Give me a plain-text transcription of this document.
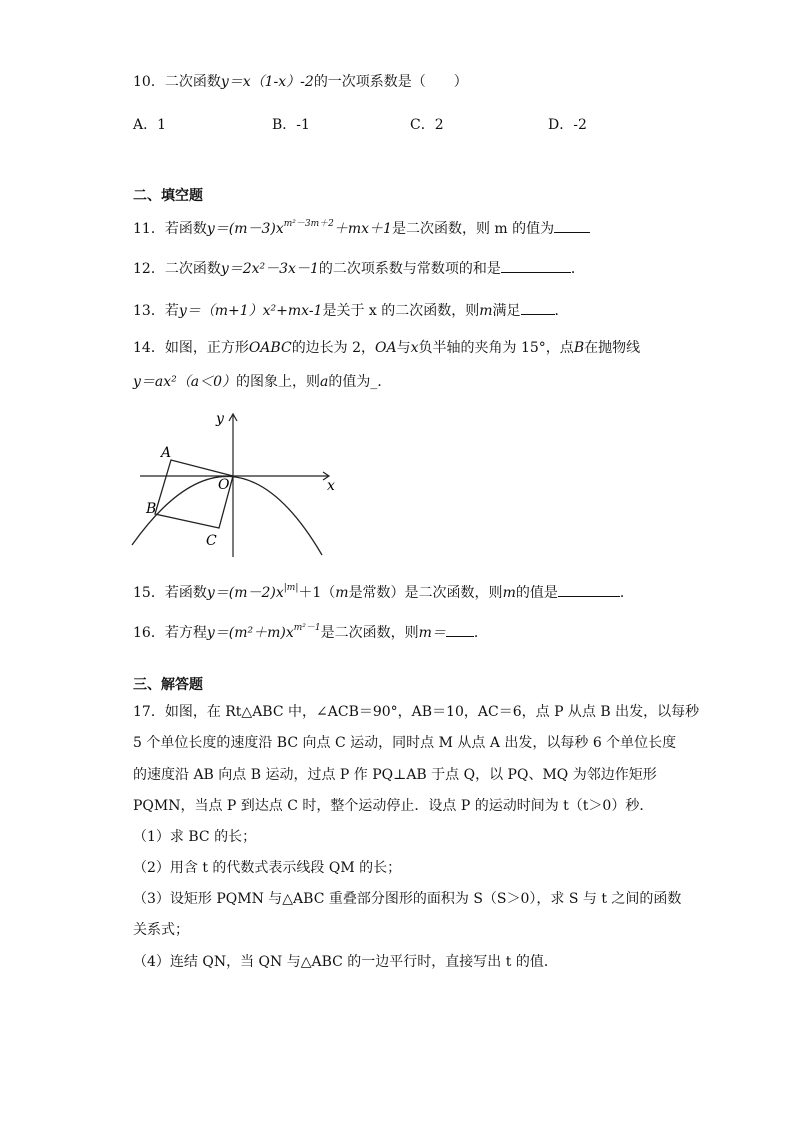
10．二次函数y＝x（1-x）-2的一次项系数是（　　）
A．1	B．-1	C．2	D．-2
二、填空题
11．若函数$y=(m-3)x^{m^2-3m+2}+mx+1$是二次函数，则 m 的值为
12．二次函数y＝2x²－3x－1的二次项系数与常数项的和是	．
13．若y＝（m+1）x²+mx-1是关于 x 的二次函数，则m满足 ．
14．如图，正方形OABC的边长为 2，OA与x负半轴的夹角为 15°，点B在抛物线
y＝ax²（a＜0）的图象上，则a的值为_．
y
x
O
A
B
C
15．若函数$y=(m-2)x^{|m|}+1(m$是常数）是二次函数，则m的值是	．
16．若方程$y=(m^2+m)x^{m^2-1}$是二次函数，则m＝ ．
三、解答题
17．如图，在 Rt△ABC 中，∠ACB＝90°，AB＝10，AC＝6，点 P 从点 B 出发，以每秒
5 个单位长度的速度沿 BC 向点 C 运动，同时点 M 从点 A 出发，以每秒 6 个单位长度
的速度沿 AB 向点 B 运动，过点 P 作 PQ⊥AB 于点 Q，以 PQ、MQ 为邻边作矩形
PQMN，当点 P 到达点 C 时，整个运动停止．设点 P 的运动时间为 t（t＞0）秒．
（1）求 BC 的长；
（2）用含 t 的代数式表示线段 QM 的长；
（3）设矩形 PQMN 与△ABC 重叠部分图形的面积为 S（S＞0），求 S 与 t 之间的函数
关系式；
（4）连结 QN，当 QN 与△ABC 的一边平行时，直接写出 t 的值．
